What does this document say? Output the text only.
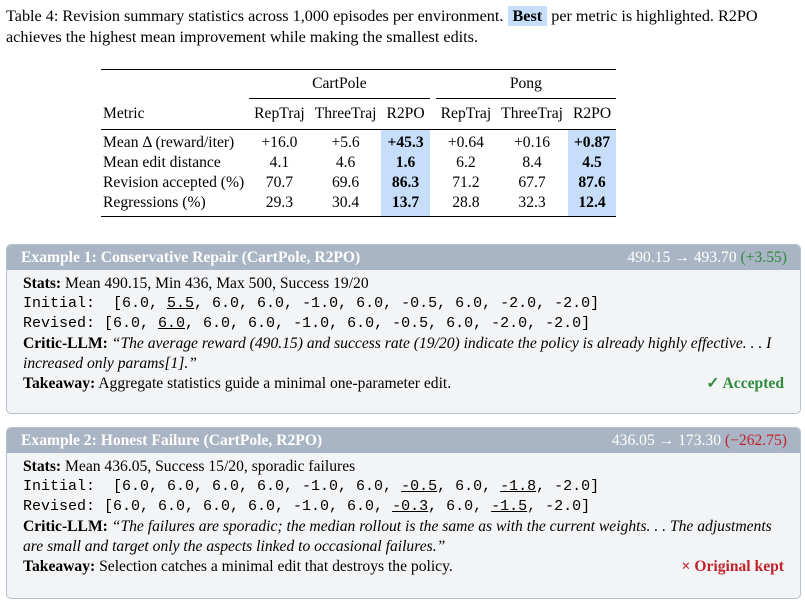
Table 4: Revision summary statistics across 1,000 episodes per environment. Best per metric is highlighted. R2PO achieves the highest mean improvement while making the smallest edits.
	CartPole				Pong		
Metric	RepTraj	ThreeTraj	R2PO		RepTraj	ThreeTraj	R2PO
Mean Δ (reward/iter)	+16.0	+5.6	+45.3		+0.64	+0.16	+0.87
Mean edit distance	4.1	4.6	1.6		6.2	8.4	4.5
Revision accepted (%)	70.7	69.6	86.3		71.2	67.7	87.6
Regressions (%)	29.3	30.4	13.7		28.8	32.3	12.4
Example 1: Conservative Repair (CartPole, R2PO)	490.15 → 493.70 (+3.55)
Stats: Mean 490.15, Min 436, Max 500, Success 19/20
Initial:  [6.0, 5.5, 6.0, 6.0, -1.0, 6.0, -0.5, 6.0, -2.0, -2.0]
Revised: [6.0, 6.0, 6.0, 6.0, -1.0, 6.0, -0.5, 6.0, -2.0, -2.0]
Critic-LLM: “The average reward (490.15) and success rate (19/20) indicate the policy is already highly effective. . . I increased only params[1].”
Takeaway: Aggregate statistics guide a minimal one-parameter edit.	✓ Accepted
Example 2: Honest Failure (CartPole, R2PO)	436.05 → 173.30 (−262.75)
Stats: Mean 436.05, Success 15/20, sporadic failures
Initial:  [6.0, 6.0, 6.0, 6.0, -1.0, 6.0, -0.5, 6.0, -1.8, -2.0]
Revised: [6.0, 6.0, 6.0, 6.0, -1.0, 6.0, -0.3, 6.0, -1.5, -2.0]
Critic-LLM: “The failures are sporadic; the median rollout is the same as with the current weights. . . The adjustments are small and target only the aspects linked to occasional failures.”
Takeaway: Selection catches a minimal edit that destroys the policy.	× Original kept
